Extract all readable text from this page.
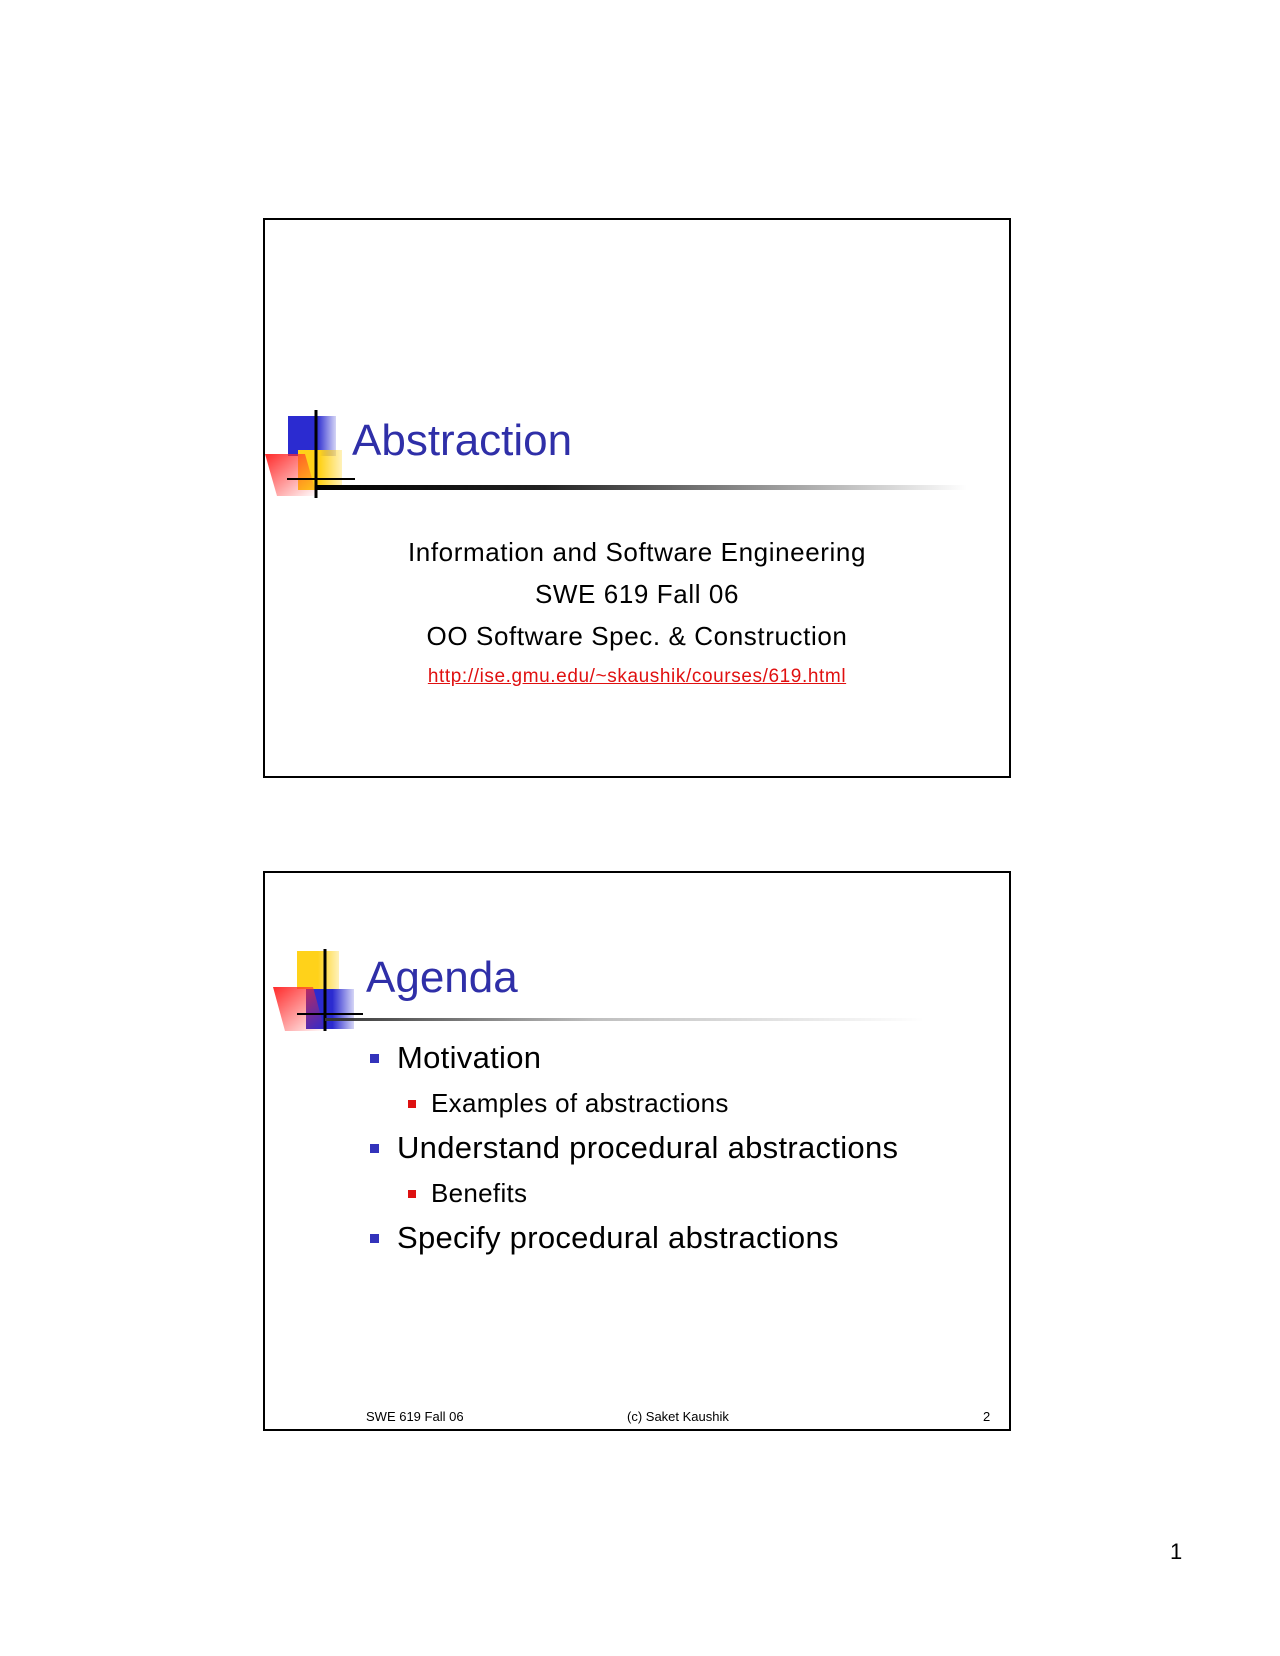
Abstraction
Information and Software Engineering
SWE 619 Fall 06
OO Software Spec. & Construction
http://ise.gmu.edu/~skaushik/courses/619.html
Agenda
Motivation
Examples of abstractions
Understand procedural abstractions
Benefits
Specify procedural abstractions
SWE 619 Fall 06	(c) Saket Kaushik	2
1
